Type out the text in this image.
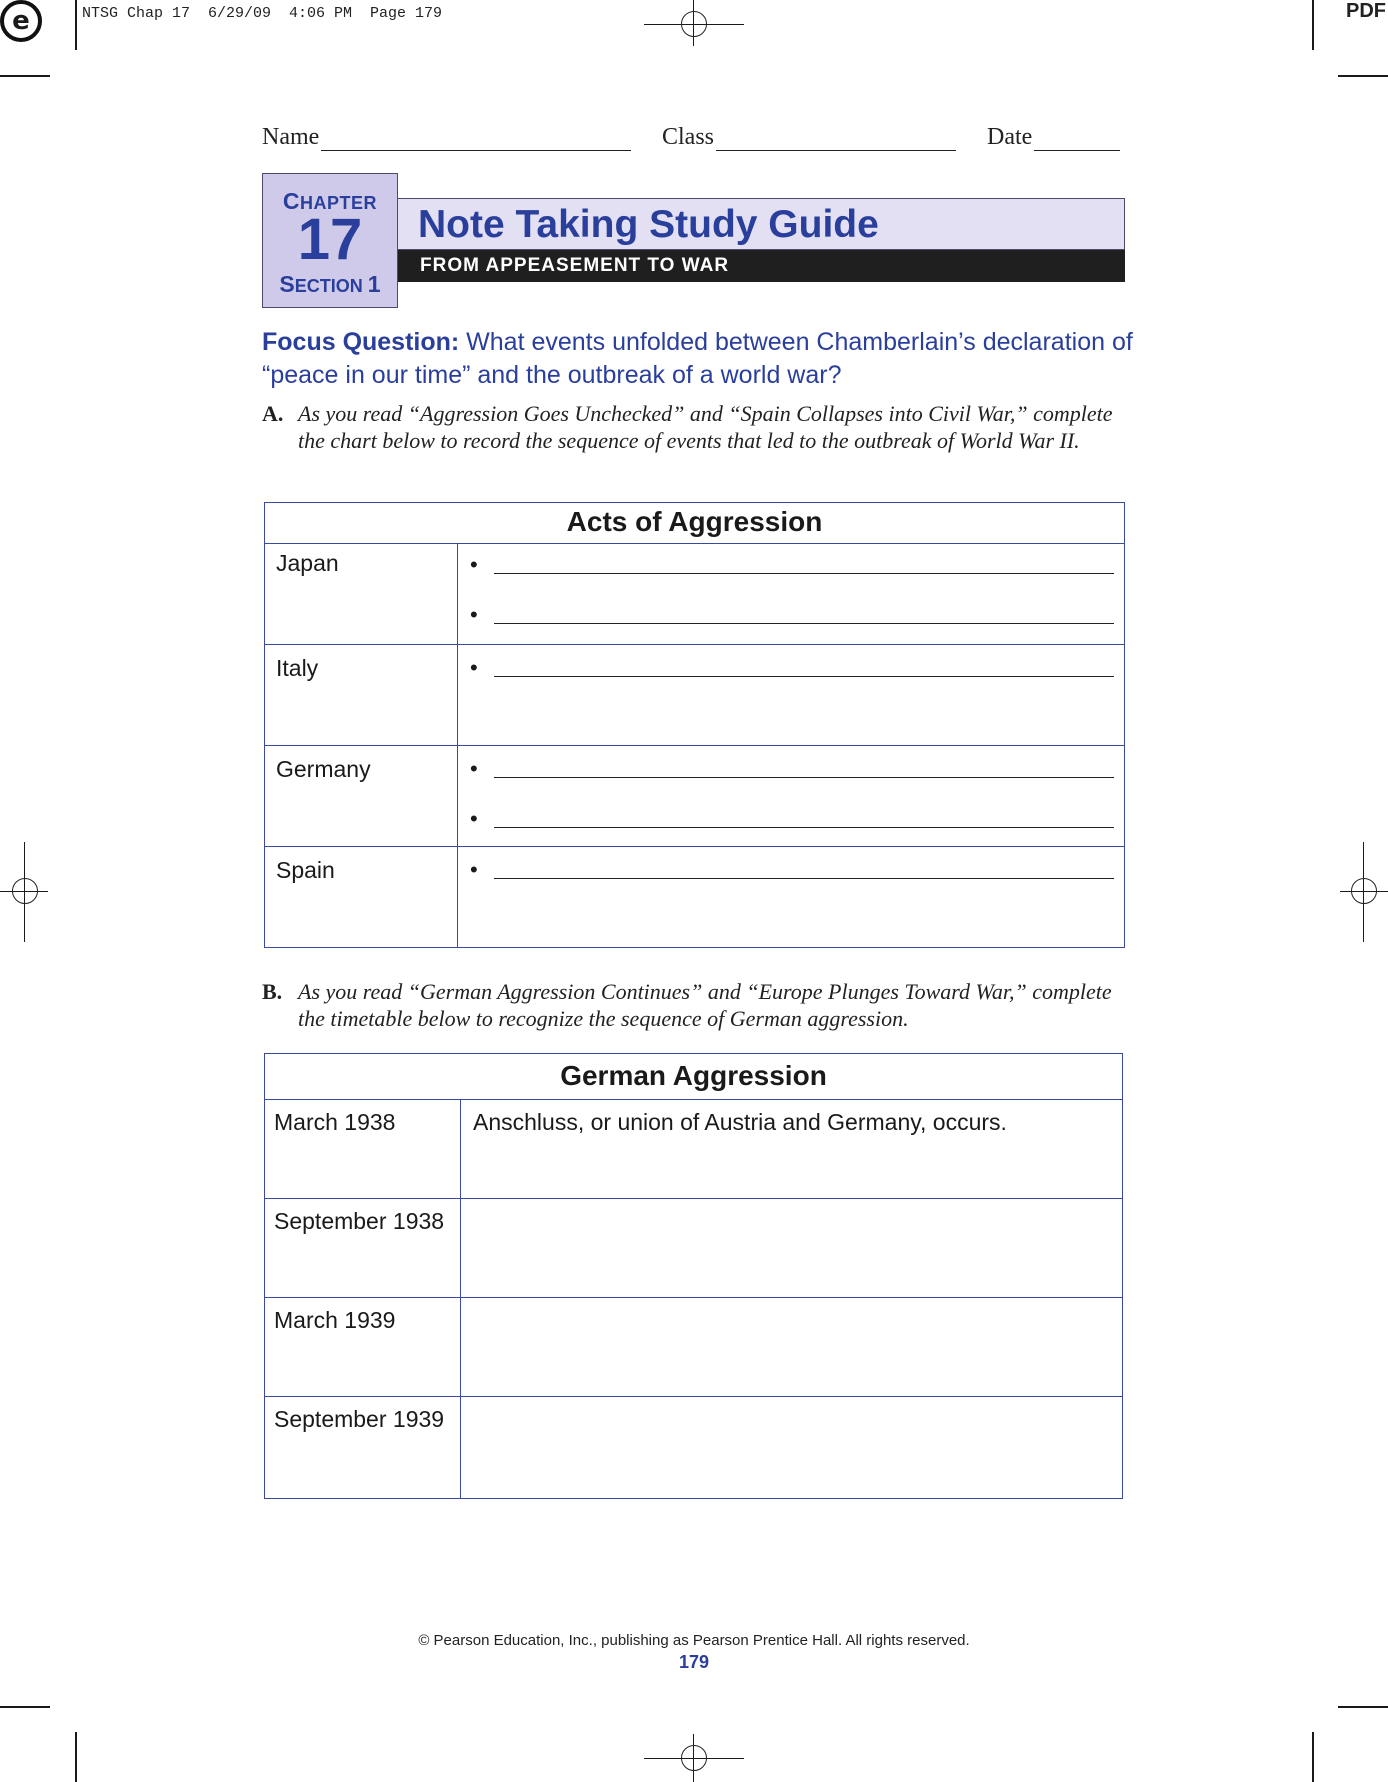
e	NTSG Chap 17  6/29/09  4:06 PM  Page 179	PDF
Name	Class	Date
CHAPTER
17
SECTION 1
Note Taking Study Guide
FROM APPEASEMENT TO WAR
Focus Question: What events unfolded between Chamberlain’s declaration of “peace in our time” and the outbreak of a world war?
A. As you read “Aggression Goes Unchecked” and “Spain Collapses into Civil War,” complete the chart below to record the sequence of events that led to the outbreak of World War II.
Acts of Aggression
Japan	•
•
Italy	•
Germany	•
•
Spain	•
B. As you read “German Aggression Continues” and “Europe Plunges Toward War,” complete the timetable below to recognize the sequence of German aggression.
German Aggression
March 1938	Anschluss, or union of Austria and Germany, occurs.
September 1938
March 1939
September 1939
© Pearson Education, Inc., publishing as Pearson Prentice Hall. All rights reserved.
179
